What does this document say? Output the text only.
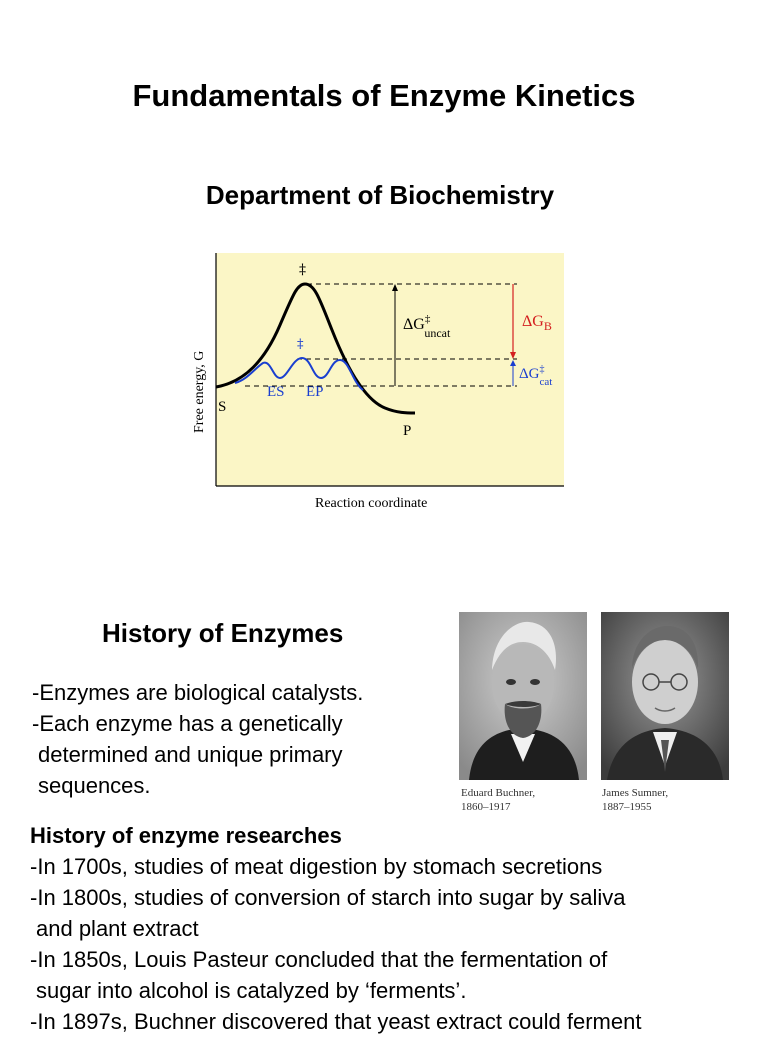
Fundamentals of Enzyme Kinetics
Department of Biochemistry
‡
‡
ES EP
S
P
ΔG‡ uncat
$\Delta G_B$
ΔG‡ cat
Free energy, G
Reaction coordinate
History of Enzymes
-Enzymes are biological catalysts.
-Each enzyme has a genetically
determined and unique primary
sequences.	Eduard Buchner,
1860–1917
James Sumner,
1887–1955
History of enzyme researches
-In 1700s, studies of meat digestion by stomach secretions
-In 1800s, studies of conversion of starch into sugar by saliva
and plant extract
-In 1850s, Louis Pasteur concluded that the fermentation of
sugar into alcohol is catalyzed by ‘ferments’.
-In 1897s, Buchner discovered that yeast extract could ferment
